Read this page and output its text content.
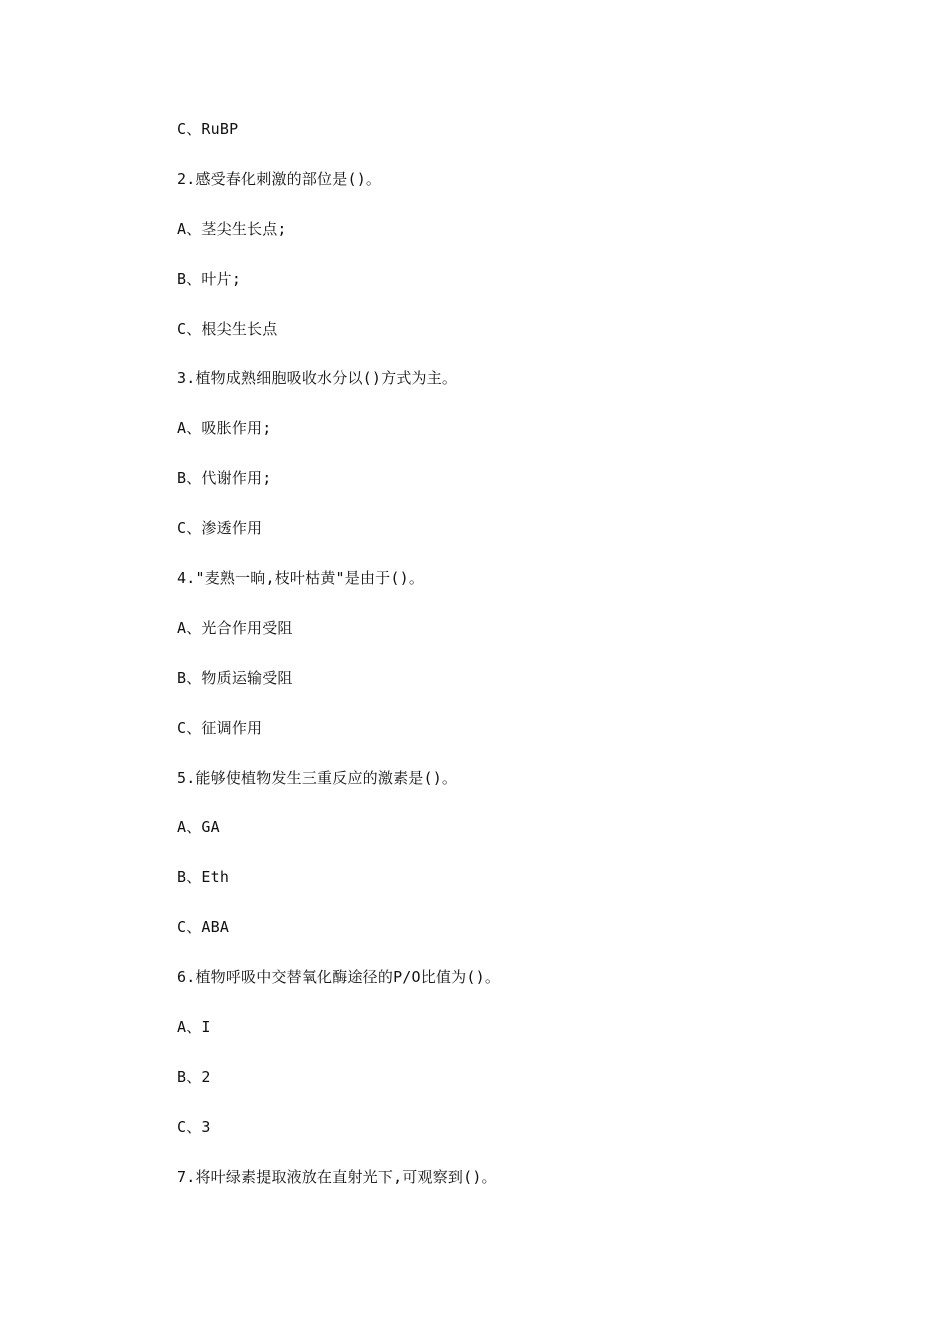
C、RuBP
2.感受春化刺激的部位是()。
A、茎尖生长点;
B、叶片;
C、根尖生长点
3.植物成熟细胞吸收水分以()方式为主。
A、吸胀作用;
B、代谢作用;
C、渗透作用
4."麦熟一晌,枝叶枯黄"是由于()。
A、光合作用受阻
B、物质运输受阻
C、征调作用
5.能够使植物发生三重反应的激素是()。
A、GA
B、Eth
C、ABA
6.植物呼吸中交替氧化酶途径的P/O比值为()。
A、I
B、2
C、3
7.将叶绿素提取液放在直射光下,可观察到()。
